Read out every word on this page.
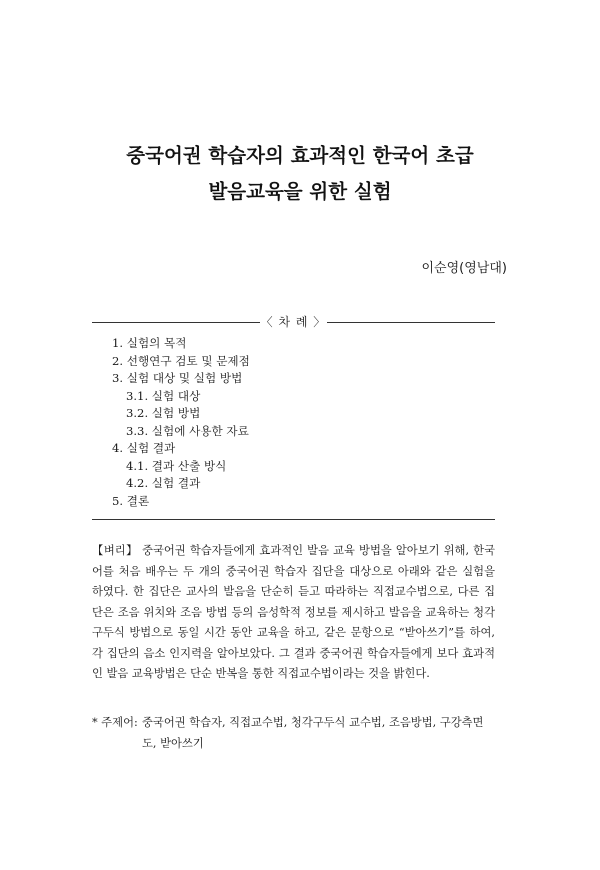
중국어권 학습자의 효과적인 한국어 초급
발음교육을 위한 실험
이순영(영남대)
〈 차 례 〉
1. 실험의 목적
2. 선행연구 검토 및 문제점
3. 실험 대상 및 실험 방법
3.1. 실험 대상
3.2. 실험 방법
3.3. 실험에 사용한 자료
4. 실험 결과
4.1. 결과 산출 방식
4.2. 실험 결과
5. 결론

【벼리】 중국어권 학습자들에게 효과적인 발음 교육 방법을 알아보기 위해, 한국어를 처음 배우는 두 개의 중국어권 학습자 집단을 대상으로 아래와 같은 실험을 하였다. 한 집단은 교사의 발음을 단순히 듣고 따라하는 직접교수법으로, 다른 집단은 조음 위치와 조음 방법 등의 음성학적 정보를 제시하고 발음을 교육하는 청각구두식 방법으로 동일 시간 동안 교육을 하고, 같은 문항으로 “받아쓰기”를 하여, 각 집단의 음소 인지력을 알아보았다. 그 결과 중국어권 학습자들에게 보다 효과적인 발음 교육방법은 단순 반복을 통한 직접교수법이라는 것을 밝힌다.

* 주제어: 중국어권 학습자, 직접교수법, 청각구두식 교수법, 조음방법, 구강측면도, 받아쓰기
